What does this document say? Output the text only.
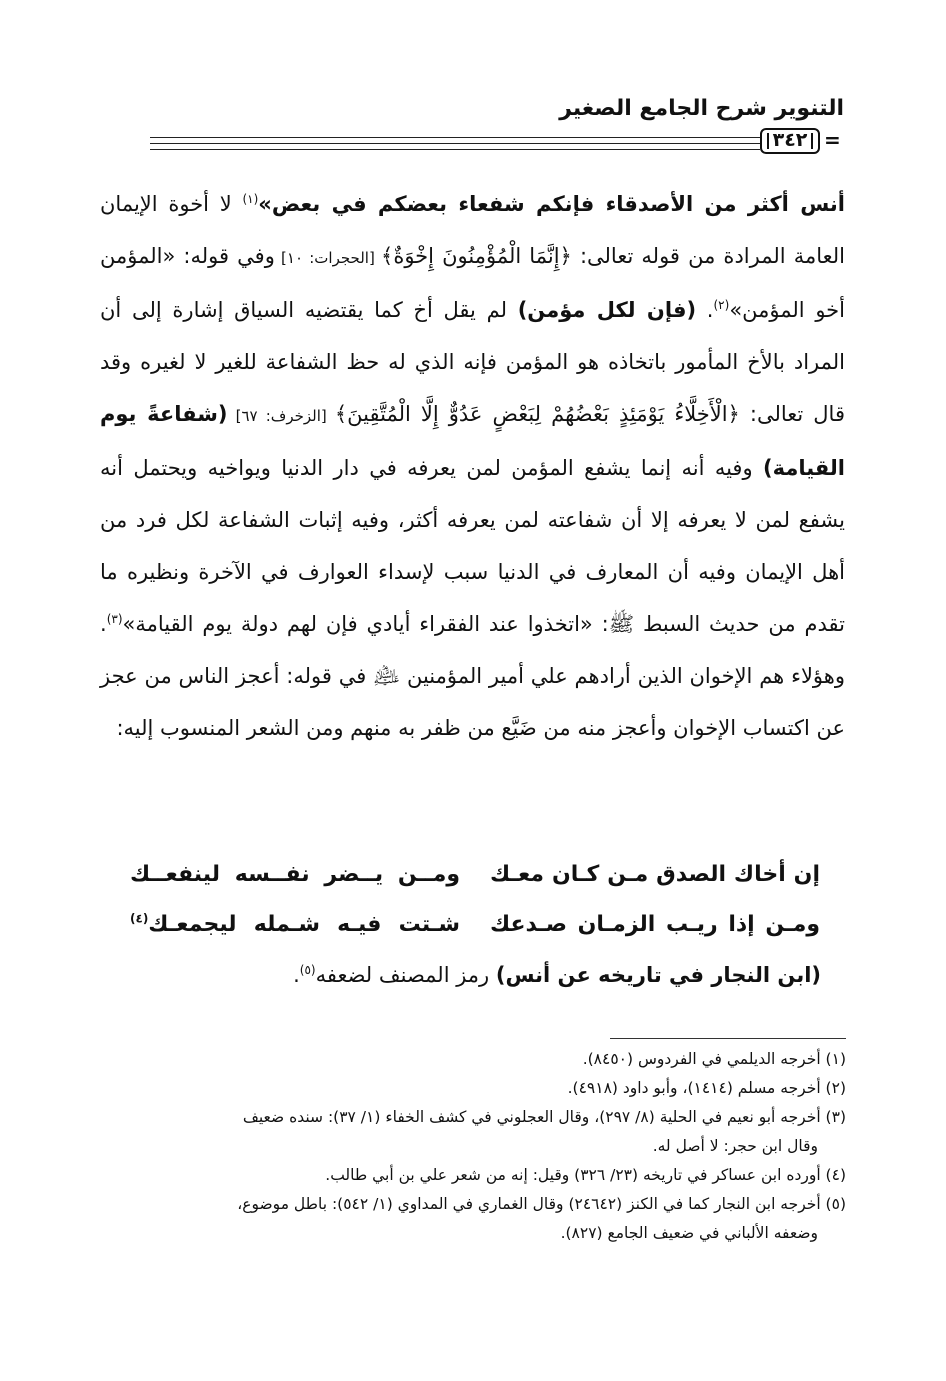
التنوير شرح الجامع الصغير
٣٤٢ =

أنس أكثر من الأصدقاء فإنكم شفعاء بعضكم في بعض»$^{(١)}$ لا أخوة الإيمان العامة المرادة من قوله تعالى: ﴿إِنَّمَا الْمُؤْمِنُونَ إِخْوَةٌ﴾ [الحجرات: ١٠] وفي قوله: «المؤمن أخو المؤمن»$^{(٢)}$. (فإن لكل مؤمن) لم يقل أخ كما يقتضيه السياق إشارة إلى أن المراد بالأخ المأمور باتخاذه هو المؤمن فإنه الذي له حظ الشفاعة للغير لا لغيره وقد قال تعالى: ﴿الْأَخِلَّاءُ يَوْمَئِذٍ بَعْضُهُمْ لِبَعْضٍ عَدُوٌّ إِلَّا الْمُتَّقِينَ﴾ [الزخرف: ٦٧] (شفاعةً يوم القيامة) وفيه أنه إنما يشفع المؤمن لمن يعرفه في دار الدنيا ويواخيه ويحتمل أنه يشفع لمن لا يعرفه إلا أن شفاعته لمن يعرفه أكثر، وفيه إثبات الشفاعة لكل فرد من أهل الإيمان وفيه أن المعارف في الدنيا سبب لإسداء العوارف في الآخرة ونظيره ما تقدم من حديث السبط ﷺ: «اتخذوا عند الفقراء أيادي فإن لهم دولة يوم القيامة»$^{(٣)}$. وهؤلاء هم الإخوان الذين أرادهم علي أمير المؤمنين ﵇ في قوله: أعجز الناس من عجز عن اكتساب الإخوان وأعجز منه من ضَيَّع من ظفر به منهم ومن الشعر المنسوب إليه:

إن أخاك الصدق مـن كـان معـك
ومــن يــضر نفــسه لينفعــك
ومـن إذا ريـب الزمـان صـدعك
شـتت فيـه شـمله ليجمعـك$^{(٤)}$
(ابن النجار في تاريخه عن أنس) رمز المصنف لضعفه$^{(٥)}$.

(١) أخرجه الديلمي في الفردوس (٨٤٥٠).

(٢) أخرجه مسلم (١٤١٤)، وأبو داود (٤٩١٨).

(٣) أخرجه أبو نعيم في الحلية (٨/ ٢٩٧)، وقال العجلوني في كشف الخفاء (١/ ٣٧): سنده ضعيف

وقال ابن حجر: لا أصل له.

(٤) أورده ابن عساكر في تاريخه (٢٣/ ٣٢٦) وقيل: إنه من شعر علي بن أبي طالب.

(٥) أخرجه ابن النجار كما في الكنز (٢٤٦٤٢) وقال الغماري في المداوي (١/ ٥٤٢): باطل موضوع،

وضعفه الألباني في ضعيف الجامع (٨٢٧).
